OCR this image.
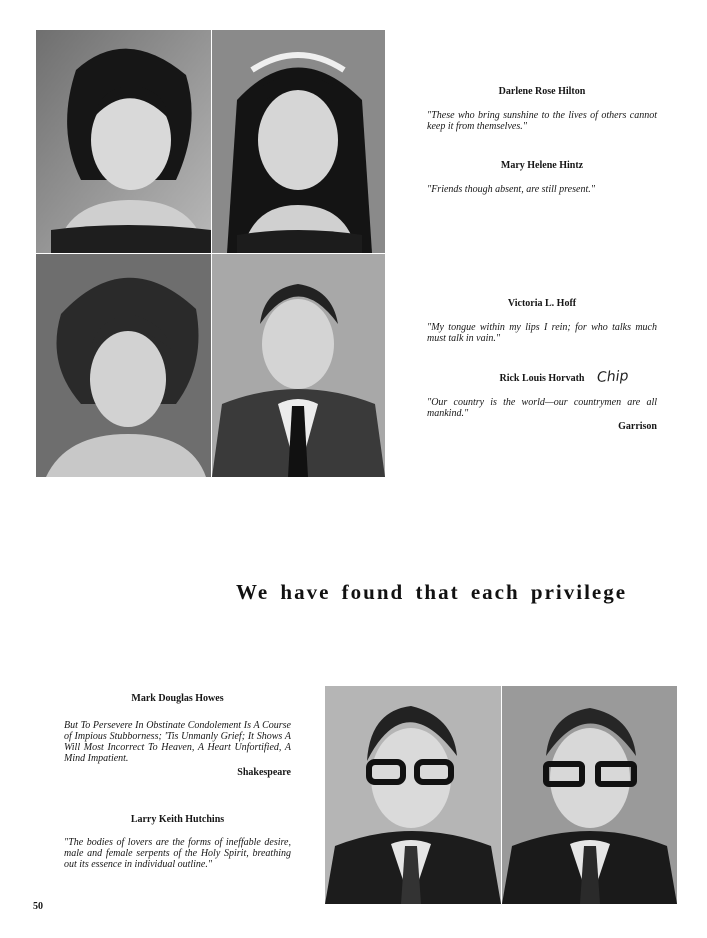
Darlene Rose Hilton
"These who bring sunshine to the lives of others cannot keep it from themselves."
Mary Helene Hintz
"Friends though absent, are still present."
Victoria L. Hoff
"My tongue within my lips I rein; for who talks much must talk in vain."
Rick Louis Horvath
"Our country is the world—our countrymen are all mankind."
Garrison
Chip
We have found that each privilege
Mark Douglas Howes
But To Persevere In Obstinate Condolement Is A Course of Impious Stubborness; 'Tis Unmanly Grief; It Shows A Will Most Incorrect To Heaven, A Heart Unfortified, A Mind Impatient.
Shakespeare
Larry Keith Hutchins
"The bodies of lovers are the forms of ineffable desire, male and female serpents of the Holy Spirit, breathing out its essence in individual outline."
50
